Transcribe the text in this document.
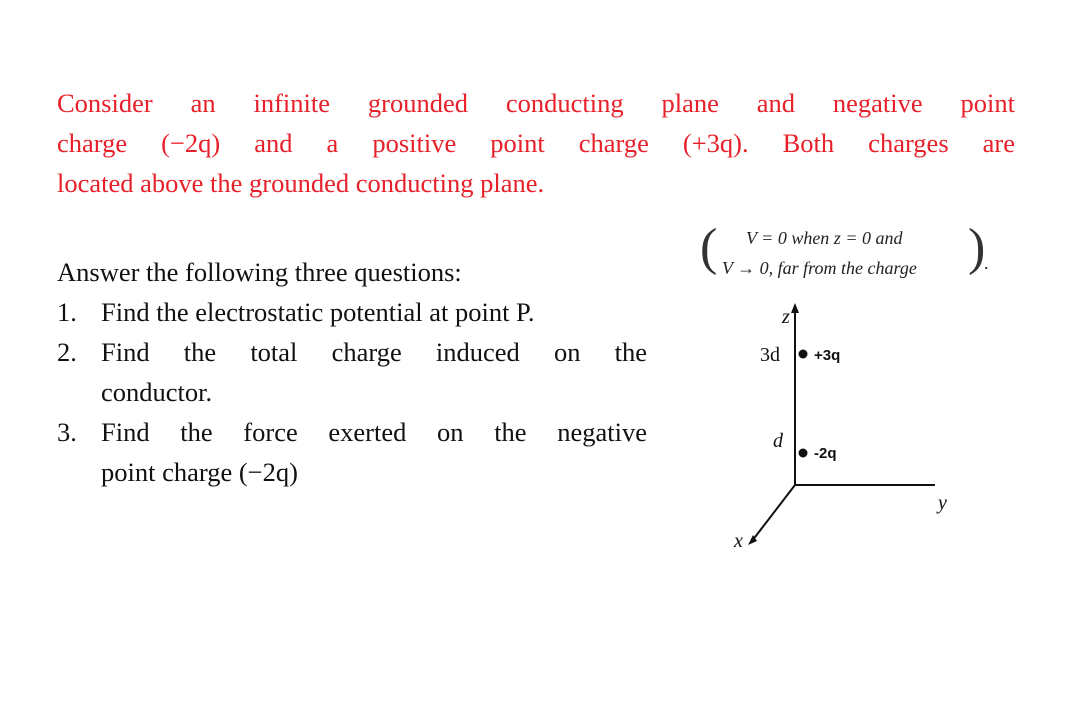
Consider an infinite grounded conducting plane and negative point
charge (−2q) and a positive point charge (+3q). Both charges are
located above the grounded conducting plane.
( V = 0 when z = 0 and
V → 0, far from the charge )
.
Answer the following three questions:
1. Find the electrostatic potential at point P.
2. Find the total charge induced on the
conductor.
3. Find the force exerted on the negative
point charge (−2q)
z
3d
d
+3q
-2q
y
x
